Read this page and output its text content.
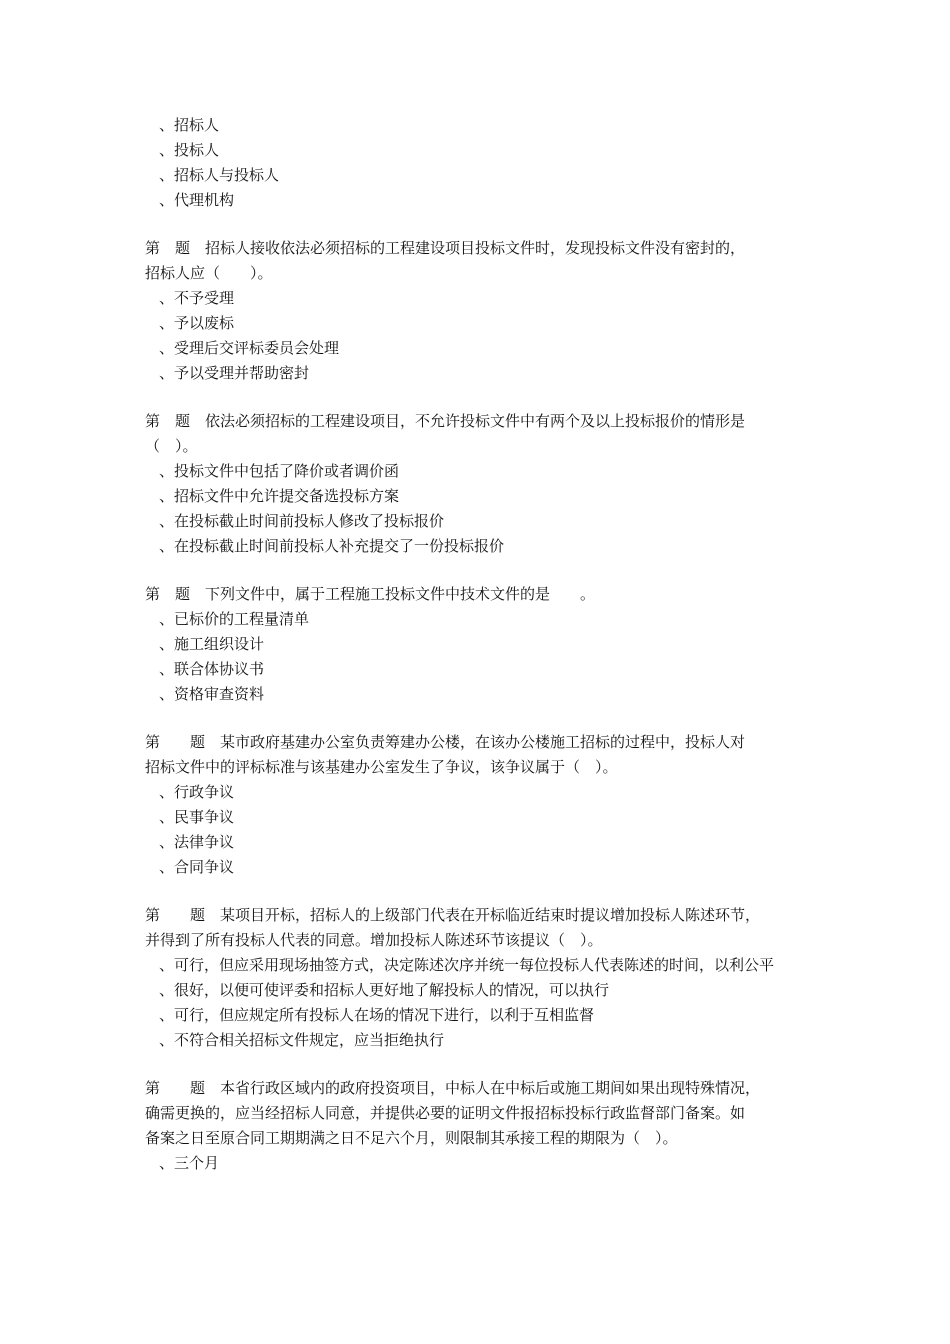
、招标人

、投标人

、招标人与投标人

、代理机构

第　题　 招标人接收依法必须招标的工程建设项目投标文件时，发现投标文件没有密封的，

招标人应（　　）。

、不予受理

、予以废标

、受理后交评标委员会处理

、予以受理并帮助密封

第　题　 依法必须招标的工程建设项目，不允许投标文件中有两个及以上投标报价的情形是

（　）。

、投标文件中包括了降价或者调价函

、招标文件中允许提交备选投标方案

、在投标截止时间前投标人修改了投标报价

、在投标截止时间前投标人补充提交了一份投标报价

第　题　 下列文件中，属于工程施工投标文件中技术文件的是　　。

、已标价的工程量清单

、施工组织设计

、联合体协议书

、资格审查资料

第　　题　 某市政府基建办公室负责筹建办公楼，在该办公楼施工招标的过程中，投标人对

招标文件中的评标标准与该基建办公室发生了争议，该争议属于（　）。

、行政争议

、民事争议

、法律争议

、合同争议

第　　题　 某项目开标，招标人的上级部门代表在开标临近结束时提议增加投标人陈述环节，

并得到了所有投标人代表的同意。增加投标人陈述环节该提议（　）。

、可行，但应采用现场抽签方式，决定陈述次序并统一每位投标人代表陈述的时间，以利公平

、很好，以便可使评委和招标人更好地了解投标人的情况，可以执行

、可行，但应规定所有投标人在场的情况下进行，以利于互相监督

、不符合相关招标文件规定，应当拒绝执行

第　　题　 本省行政区域内的政府投资项目，中标人在中标后或施工期间如果出现特殊情况，

确需更换的，应当经招标人同意，并提供必要的证明文件报招标投标行政监督部门备案。如

备案之日至原合同工期期满之日不足六个月，则限制其承接工程的期限为（　）。

、三个月
